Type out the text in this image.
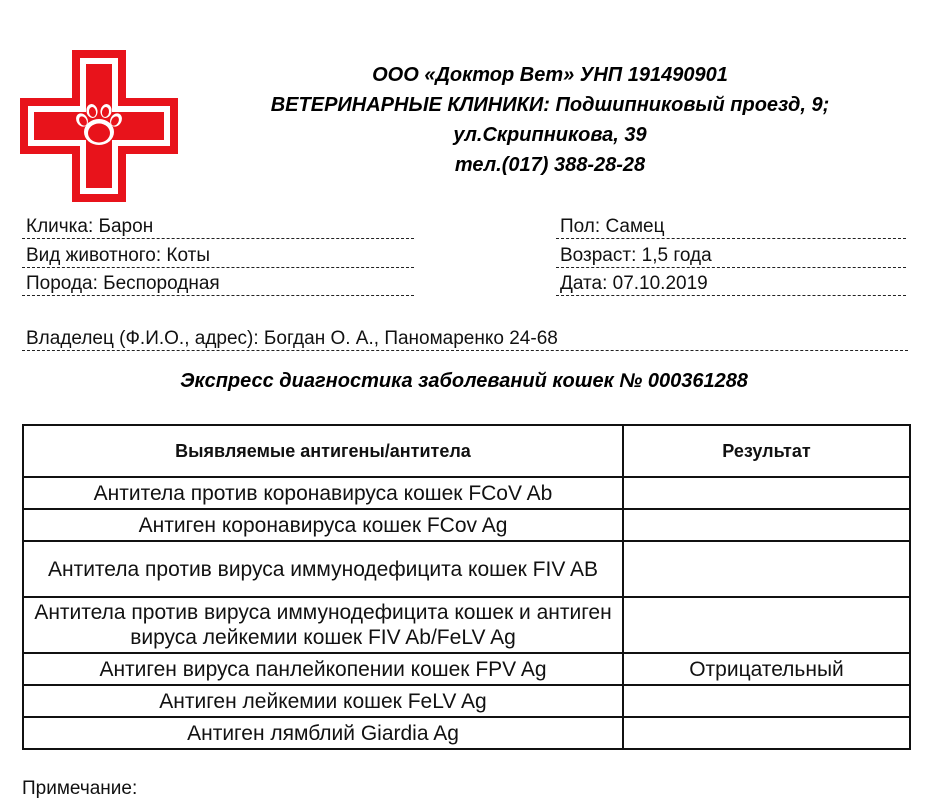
ООО «Доктор Вет» УНП 191490901
ВЕТЕРИНАРНЫЕ КЛИНИКИ: Подшипниковый проезд, 9;
ул.Скрипникова, 39
тел.(017) 388-28-28
Кличка: Барон
Вид животного: Коты
Порода: Беспородная
Пол: Самец
Возраст: 1,5 года
Дата: 07.10.2019
Владелец (Ф.И.О., адрес): Богдан О. А., Паномаренко 24-68
Экспресс диагностика заболеваний кошек № 000361288
Выявляемые антигены/антитела	Результат
Антитела против коронавируса кошек FCoV Ab	
Антиген коронавируса кошек FCov Ag	
Антитела против вируса иммунодефицита кошек FIV AB	
Антитела против вируса иммунодефицита кошек и антиген вируса лейкемии кошек FIV Ab/FeLV Ag	
Антиген вируса панлейкопении кошек FPV Ag	Отрицательный
Антиген лейкемии кошек FeLV Ag	
Антиген лямблий Giardia Ag	
Примечание:
